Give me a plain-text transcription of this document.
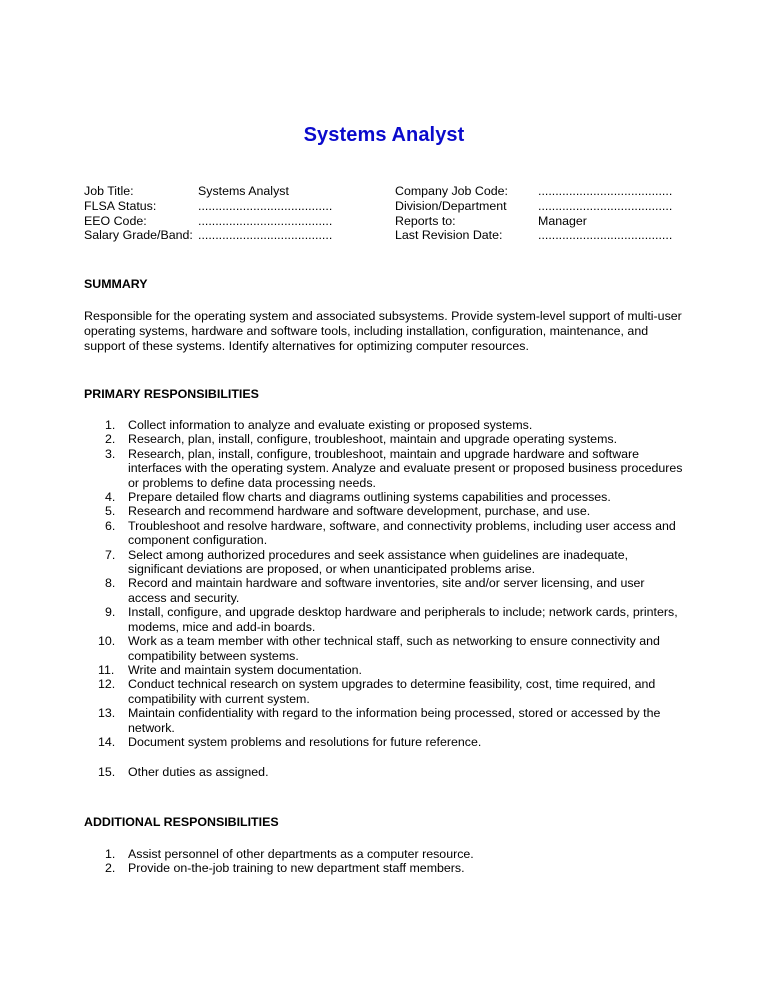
Systems Analyst
Job Title:	Systems Analyst	Company Job Code: .......................................
FLSA Status:	.......................................	Division/Department	.......................................
EEO Code:	.......................................	Reports to:	Manager
Salary Grade/Band: .......................................	Last Revision Date:	.......................................
SUMMARY
Responsible for the operating system and associated subsystems. Provide system-level support of multi-user operating systems, hardware and software tools, including installation, configuration, maintenance, and support of these systems. Identify alternatives for optimizing computer resources.
PRIMARY RESPONSIBILITIES
1. Collect information to analyze and evaluate existing or proposed systems.
2. Research, plan, install, configure, troubleshoot, maintain and upgrade operating systems.
3. Research, plan, install, configure, troubleshoot, maintain and upgrade hardware and software interfaces with the operating system. Analyze and evaluate present or proposed business procedures or problems to define data processing needs.
4. Prepare detailed flow charts and diagrams outlining systems capabilities and processes.
5. Research and recommend hardware and software development, purchase, and use.
6. Troubleshoot and resolve hardware, software, and connectivity problems, including user access and component configuration.
7. Select among authorized procedures and seek assistance when guidelines are inadequate, significant deviations are proposed, or when unanticipated problems arise.
8. Record and maintain hardware and software inventories, site and/or server licensing, and user access and security.
9. Install, configure, and upgrade desktop hardware and peripherals to include; network cards, printers, modems, mice and add-in boards.
10. Work as a team member with other technical staff, such as networking to ensure connectivity and compatibility between systems.
11. Write and maintain system documentation.
12. Conduct technical research on system upgrades to determine feasibility, cost, time required, and compatibility with current system.
13. Maintain confidentiality with regard to the information being processed, stored or accessed by the network.
14. Document system problems and resolutions for future reference.
15. Other duties as assigned.
ADDITIONAL RESPONSIBILITIES
1. Assist personnel of other departments as a computer resource.
2. Provide on-the-job training to new department staff members.
